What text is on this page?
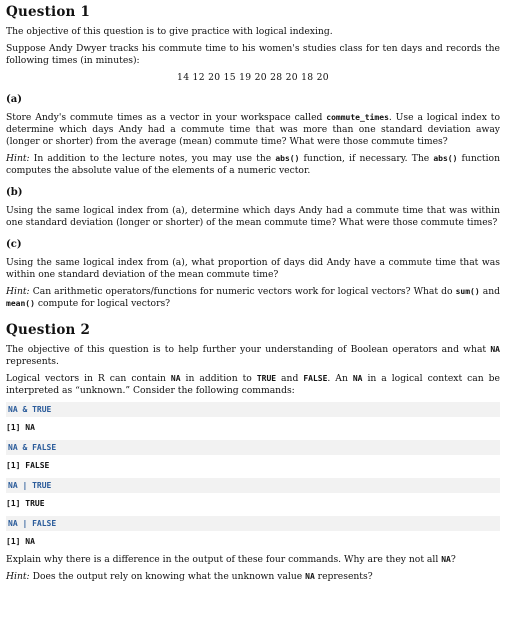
Question 1

The objective of this question is to give practice with logical indexing.

Suppose Andy Dwyer tracks his commute time to his women's studies class for ten days and records the following times (in minutes):

14 12 20 15 19 20 28 20 18 20
(a)

Store Andy's commute times as a vector in your workspace called commute_times. Use a logical index to determine which days Andy had a commute time that was more than one standard deviation away (longer or shorter) from the average (mean) commute time? What were those commute times?

Hint: In addition to the lecture notes, you may use the abs() function, if necessary. The abs() function computes the absolute value of the elements of a numeric vector.

(b)

Using the same logical index from (a), determine which days Andy had a commute time that was within one standard deviation (longer or shorter) of the mean commute time? What were those commute times?

(c)

Using the same logical index from (a), what proportion of days did Andy have a commute time that was within one standard deviation of the mean commute time?

Hint: Can arithmetic operators/functions for numeric vectors work for logical vectors? What do sum() and mean() compute for logical vectors?

Question 2

The objective of this question is to help further your understanding of Boolean operators and what NA represents.

Logical vectors in R can contain NA in addition to TRUE and FALSE. An NA in a logical context can be interpreted as “unknown.” Consider the following commands:

NA & TRUE
[1] NA
NA & FALSE
[1] FALSE
NA | TRUE
[1] TRUE
NA | FALSE
[1] NA

Explain why there is a difference in the output of these four commands. Why are they not all NA?

Hint: Does the output rely on knowing what the unknown value NA represents?
